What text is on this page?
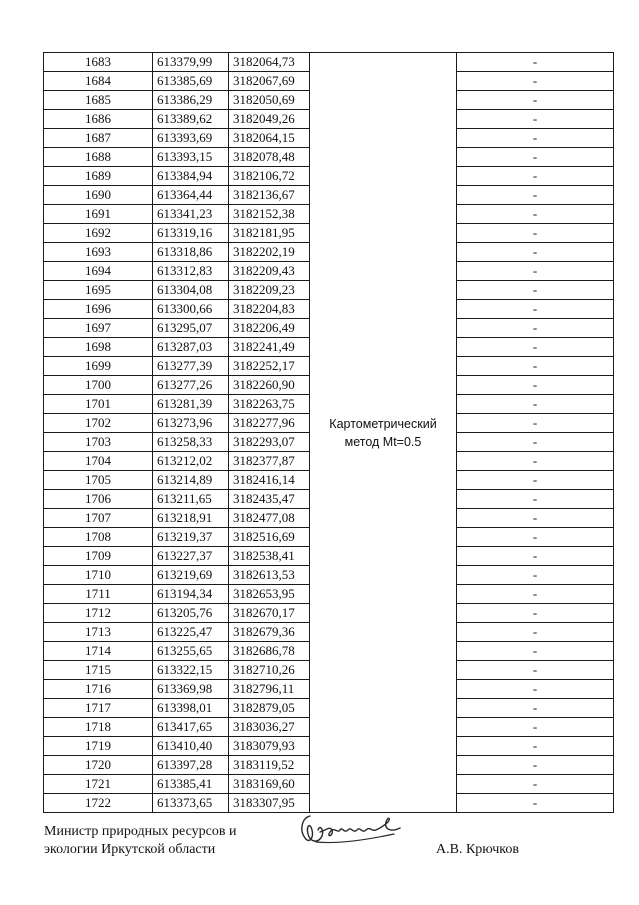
1683	613379,99	3182064,73	Картометрический метод Mt=0.5	-
1684	613385,69	3182067,69		-
1685	613386,29	3182050,69		-
1686	613389,62	3182049,26		-
1687	613393,69	3182064,15		-
1688	613393,15	3182078,48		-
1689	613384,94	3182106,72		-
1690	613364,44	3182136,67		-
1691	613341,23	3182152,38		-
1692	613319,16	3182181,95		-
1693	613318,86	3182202,19		-
1694	613312,83	3182209,43		-
1695	613304,08	3182209,23		-
1696	613300,66	3182204,83		-
1697	613295,07	3182206,49		-
1698	613287,03	3182241,49		-
1699	613277,39	3182252,17		-
1700	613277,26	3182260,90		-
1701	613281,39	3182263,75		-
1702	613273,96	3182277,96		-
1703	613258,33	3182293,07		-
1704	613212,02	3182377,87		-
1705	613214,89	3182416,14		-
1706	613211,65	3182435,47		-
1707	613218,91	3182477,08		-
1708	613219,37	3182516,69		-
1709	613227,37	3182538,41		-
1710	613219,69	3182613,53		-
1711	613194,34	3182653,95		-
1712	613205,76	3182670,17		-
1713	613225,47	3182679,36		-
1714	613255,65	3182686,78		-
1715	613322,15	3182710,26		-
1716	613369,98	3182796,11		-
1717	613398,01	3182879,05		-
1718	613417,65	3183036,27		-
1719	613410,40	3183079,93		-
1720	613397,28	3183119,52		-
1721	613385,41	3183169,60		-
1722	613373,65	3183307,95		-
Министр природных ресурсов и
экологии Иркутской области	А.В. Крючков
